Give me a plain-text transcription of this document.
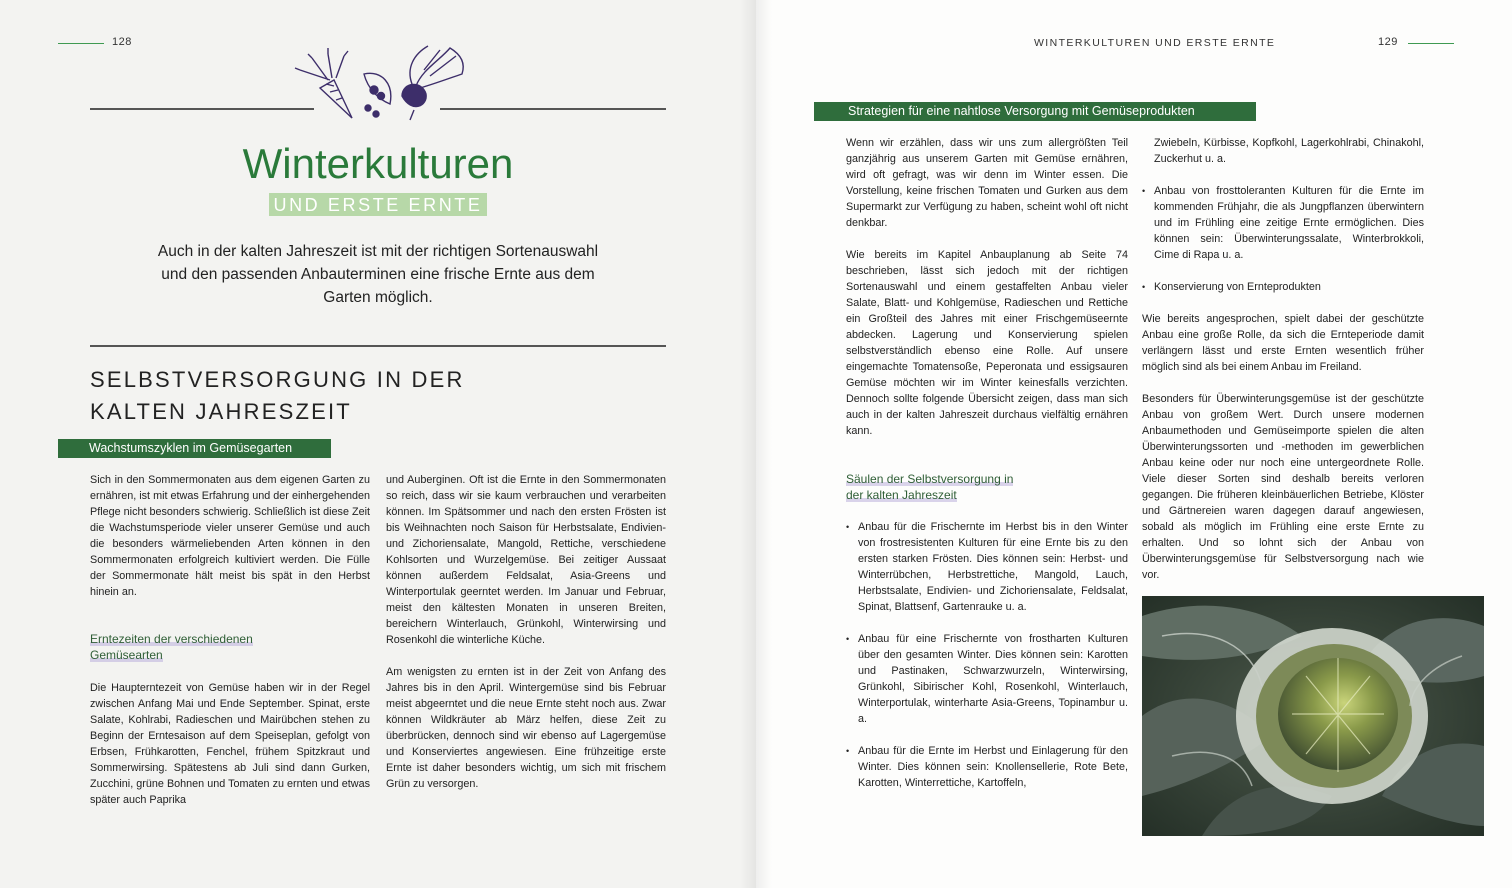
128
Winterkulturen
UND ERSTE ERNTE
Auch in der kalten Jahreszeit ist mit der richtigen Sortenauswahl und den passenden Anbauterminen eine frische Ernte aus dem Garten möglich.
SELBSTVERSORGUNG IN DER
KALTEN JAHRESZEIT
Wachstumszyklen im Gemüsegarten

Sich in den Sommermonaten aus dem eigenen Garten zu ernähren, ist mit etwas Erfahrung und der einhergehenden Pflege nicht besonders schwierig. Schließlich ist diese Zeit die Wachstumsperiode vieler unserer Gemüse und auch die besonders wärmeliebenden Arten können in den Sommermonaten erfolgreich kultiviert werden. Die Fülle der Sommermonate hält meist bis spät in den Herbst hinein an.

Erntezeiten der verschiedenen
Gemüsearten

Die Haupterntezeit von Gemüse haben wir in der Regel zwischen Anfang Mai und Ende September. Spinat, erste Salate, Kohlrabi, Radieschen und Mairübchen stehen zu Beginn der Erntesaison auf dem Speiseplan, gefolgt von Erbsen, Frühkarotten, Fenchel, frühem Spitzkraut und Sommerwirsing. Spätestens ab Juli sind dann Gurken, Zucchini, grüne Bohnen und Tomaten zu ernten und etwas später auch Paprika

und Auberginen. Oft ist die Ernte in den Sommermonaten so reich, dass wir sie kaum verbrauchen und verarbeiten können. Im Spätsommer und nach den ersten Frösten ist bis Weihnachten noch Saison für Herbstsalate, Endivien- und Zichoriensalate, Mangold, Rettiche, verschiedene Kohlsorten und Wurzelgemüse. Bei zeitiger Aussaat können außerdem Feldsalat, Asia-Greens und Winterportulak geerntet werden. Im Januar und Februar, meist den kältesten Monaten in unseren Breiten, bereichern Winterlauch, Grünkohl, Winterwirsing und Rosenkohl die winterliche Küche.

Am wenigsten zu ernten ist in der Zeit von Anfang des Jahres bis in den April. Wintergemüse sind bis Februar meist abgeerntet und die neue Ernte steht noch aus. Zwar können Wildkräuter ab März helfen, diese Zeit zu überbrücken, dennoch sind wir ebenso auf Lagergemüse und Konserviertes angewiesen. Eine frühzeitige erste Ernte ist daher besonders wichtig, um sich mit frischem Grün zu versorgen.

WINTERKULTUREN UND ERSTE ERNTE	129
Strategien für eine nahtlose Versorgung mit Gemüseprodukten

Wenn wir erzählen, dass wir uns zum allergrößten Teil ganzjährig aus unserem Garten mit Gemüse ernähren, wird oft gefragt, was wir denn im Winter essen. Die Vorstellung, keine frischen Tomaten und Gurken aus dem Supermarkt zur Verfügung zu haben, scheint wohl oft nicht denkbar.

Wie bereits im Kapitel Anbauplanung ab Seite 74 beschrieben, lässt sich jedoch mit der richtigen Sortenauswahl und einem gestaffelten Anbau vieler Salate, Blatt- und Kohlgemüse, Radieschen und Rettiche ein Großteil des Jahres mit einer Frischgemüseernte abdecken. Lagerung und Konservierung spielen selbstverständlich ebenso eine Rolle. Auf unsere eingemachte Tomatensoße, Peperonata und essigsauren Gemüse möchten wir im Winter keinesfalls verzichten. Dennoch sollte folgende Übersicht zeigen, dass man sich auch in der kalten Jahreszeit durchaus vielfältig ernähren kann.

Säulen der Selbstversorgung in
der kalten Jahreszeit
• Anbau für die Frischernte im Herbst bis in den Winter von frostresistenten Kulturen für eine Ernte bis zu den ersten starken Frösten. Dies können sein: Herbst- und Winterrübchen, Herbstrettiche, Mangold, Lauch, Herbstsalate, Endivien- und Zichoriensalate, Feldsalat, Spinat, Blattsenf, Gartenrauke u. a.
• Anbau für eine Frischernte von frostharten Kulturen über den gesamten Winter. Dies können sein: Karotten und Pastinaken, Schwarzwurzeln, Winterwirsing, Grünkohl, Sibirischer Kohl, Rosenkohl, Winterlauch, Winterportulak, winterharte Asia-Greens, Topinambur u. a.
• Anbau für die Ernte im Herbst und Einlagerung für den Winter. Dies können sein: Knollensellerie, Rote Bete, Karotten, Winterrettiche, Kartoffeln,

Zwiebeln, Kürbisse, Kopfkohl, Lagerkohlrabi, Chinakohl, Zuckerhut u. a.

• Anbau von frosttoleranten Kulturen für die Ernte im kommenden Frühjahr, die als Jungpflanzen überwintern und im Frühling eine zeitige Ernte ermöglichen. Dies können sein: Überwinterungssalate, Winterbrokkoli, Cime di Rapa u. a.
• Konservierung von Ernteprodukten

Wie bereits angesprochen, spielt dabei der geschützte Anbau eine große Rolle, da sich die Ernteperiode damit verlängern lässt und erste Ernten wesentlich früher möglich sind als bei einem Anbau im Freiland.

Besonders für Überwinterungsgemüse ist der geschützte Anbau von großem Wert. Durch unsere modernen Anbaumethoden und Gemüseimporte spielen die alten Überwinterungssorten und -methoden im gewerblichen Anbau keine oder nur noch eine untergeordnete Rolle. Viele dieser Sorten sind deshalb bereits verloren gegangen. Die früheren kleinbäuerlichen Betriebe, Klöster und Gärtnereien waren dagegen darauf angewiesen, sobald als möglich im Frühling eine erste Ernte zu erhalten. Und so lohnt sich der Anbau von Überwinterungsgemüse für Selbstversorgung nach wie vor.
